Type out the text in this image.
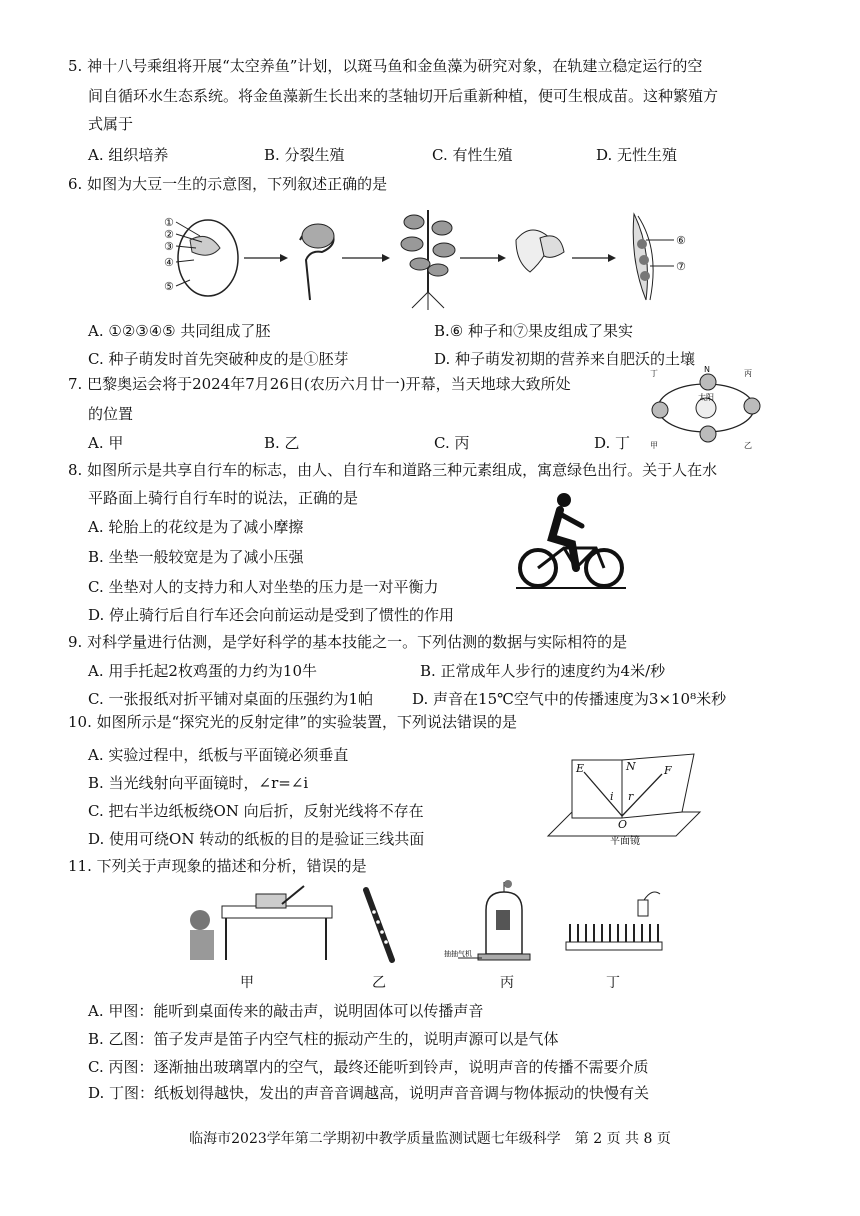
5. 神十八号乘组将开展“太空养鱼”计划，以斑马鱼和金鱼藻为研究对象，在轨建立稳定运行的空
间自循环水生态系统。将金鱼藻新生长出来的茎轴切开后重新种植，便可生根成苗。这种繁殖方
式属于
A. 组织培养	B. 分裂生殖	C. 有性生殖	D. 无性生殖
6. 如图为大豆一生的示意图，下列叙述正确的是
①
②
③
④
⑤
⑥
⑦
A. ①②③④⑤ 共同组成了胚	B.⑥ 种子和⑦果皮组成了果实
C. 种子萌发时首先突破种皮的是①胚芽	D. 种子萌发初期的营养来自肥沃的土壤
7. 巴黎奥运会将于2024年7月26日(农历六月廿一)开幕，当天地球大致所处
的位置
A. 甲	B. 乙	C. 丙	D. 丁
太阳
丁	丙
甲	乙
N
8. 如图所示是共享自行车的标志，由人、自行车和道路三种元素组成，寓意绿色出行。关于人在水
平路面上骑行自行车时的说法，正确的是
A. 轮胎上的花纹是为了减小摩擦
B. 坐垫一般较宽是为了减小压强
C. 坐垫对人的支持力和人对坐垫的压力是一对平衡力
D. 停止骑行后自行车还会向前运动是受到了惯性的作用
9. 对科学量进行估测，是学好科学的基本技能之一。下列估测的数据与实际相符的是
A. 用手托起2枚鸡蛋的力约为10牛	B. 正常成年人步行的速度约为4米/秒
C. 一张报纸对折平铺对桌面的压强约为1帕	D. 声音在15℃空气中的传播速度为3×10⁸米秒
10. 如图所示是“探究光的反射定律”的实验装置，下列说法错误的是
A. 实验过程中，纸板与平面镜必须垂直
B. 当光线射向平面镜时，∠r=∠i
C. 把右半边纸板绕ON 向后折，反射光线将不存在
D. 使用可绕ON 转动的纸板的目的是验证三线共面
E	N	F
i r
O
平面镜
11. 下列关于声现象的描述和分析，错误的是
抽抽气机
甲	乙	丙	丁
A. 甲图：能听到桌面传来的敲击声，说明固体可以传播声音
B. 乙图：笛子发声是笛子内空气柱的振动产生的，说明声源可以是气体
C. 丙图：逐渐抽出玻璃罩内的空气，最终还能听到铃声，说明声音的传播不需要介质
D. 丁图：纸板划得越快，发出的声音音调越高，说明声音音调与物体振动的快慢有关
临海市2023学年第二学期初中教学质量监测试题七年级科学　第 2 页 共 8 页
